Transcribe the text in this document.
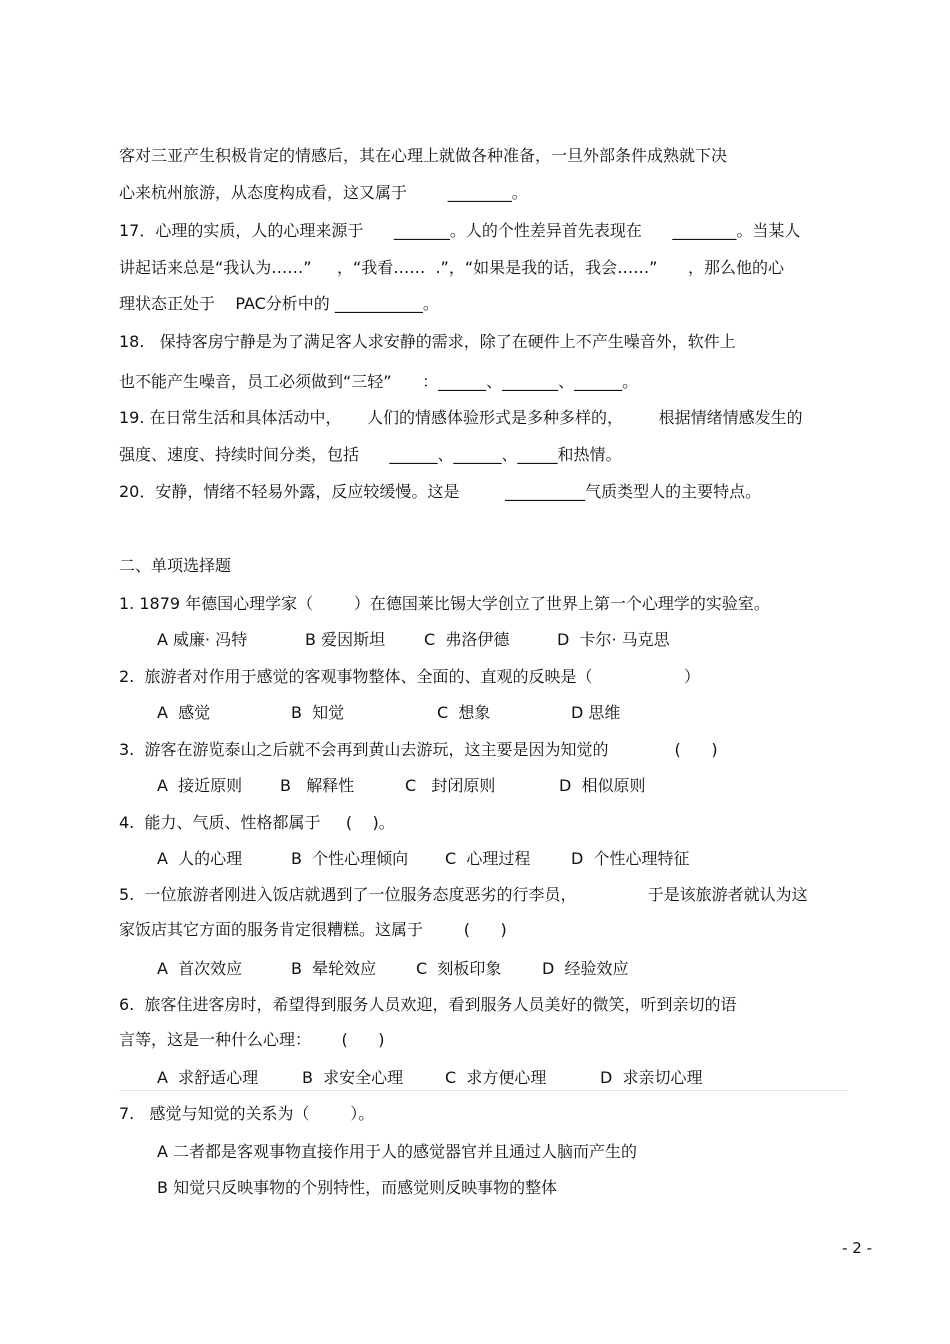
客对三亚产生积极肯定的情感后，其在心理上就做各种准备，一旦外部条件成熟就下决
心来杭州旅游，从态度构成看，这又属于        ________。
17．心理的实质，人的心理来源于      _______。人的个性差异首先表现在      ________。当某人
讲起话来总是“我认为……”     ，“我看……  .”，“如果是我的话，我会……”      ，那么他的心
理状态正处于    PAC分析中的 ___________。
18.   保持客房宁静是为了满足客人求安静的需求，除了在硬件上不产生噪音外，软件上
也不能产生噪音，员工必须做到“三轻”      ：______、_______、______。
19. 在日常生活和具体活动中，     人们的情感体验形式是多种多样的，       根据情绪情感发生的
强度、速度、持续时间分类，包括      ______、______、_____和热情。
20．安静，情绪不轻易外露，反应较缓慢。这是         __________气质类型人的主要特点。
二、单项选择题
1. 1879 年德国心理学家（        ）在德国莱比锡大学创立了世界上第一个心理学的实验室。
A 威廉· 冯特	B 爱因斯坦 C  弗洛伊德	D  卡尔· 马克思
2.  旅游者对作用于感觉的客观事物整体、全面的、直观的反映是（                  ）
A  感觉	B  知觉	C  想象	D 思维
3.  游客在游览泰山之后就不会再到黄山去游玩，这主要是因为知觉的             (      )
A  接近原则 B   解释性	C   封闭原则	D  相似原则
4.  能力、气质、性格都属于     (    )。
A  人的心理	B  个性心理倾向 C  心理过程	D  个性心理特征
5.  一位旅游者刚进入饭店就遇到了一位服务态度恶劣的行李员，              于是该旅游者就认为这
家饭店其它方面的服务肯定很糟糕。这属于        (      )
A  首次效应	B  晕轮效应 C  刻板印象	D  经验效应
6.  旅客住进客房时，希望得到服务人员欢迎，看到服务人员美好的微笑，听到亲切的语
言等，这是一种什么心理：      (      )
A  求舒适心理	B  求安全心理	C  求方便心理	D  求亲切心理
7.   感觉与知觉的关系为（        ）。
A 二者都是客观事物直接作用于人的感觉器官并且通过人脑而产生的
B 知觉只反映事物的个别特性，而感觉则反映事物的整体
- 2 -
